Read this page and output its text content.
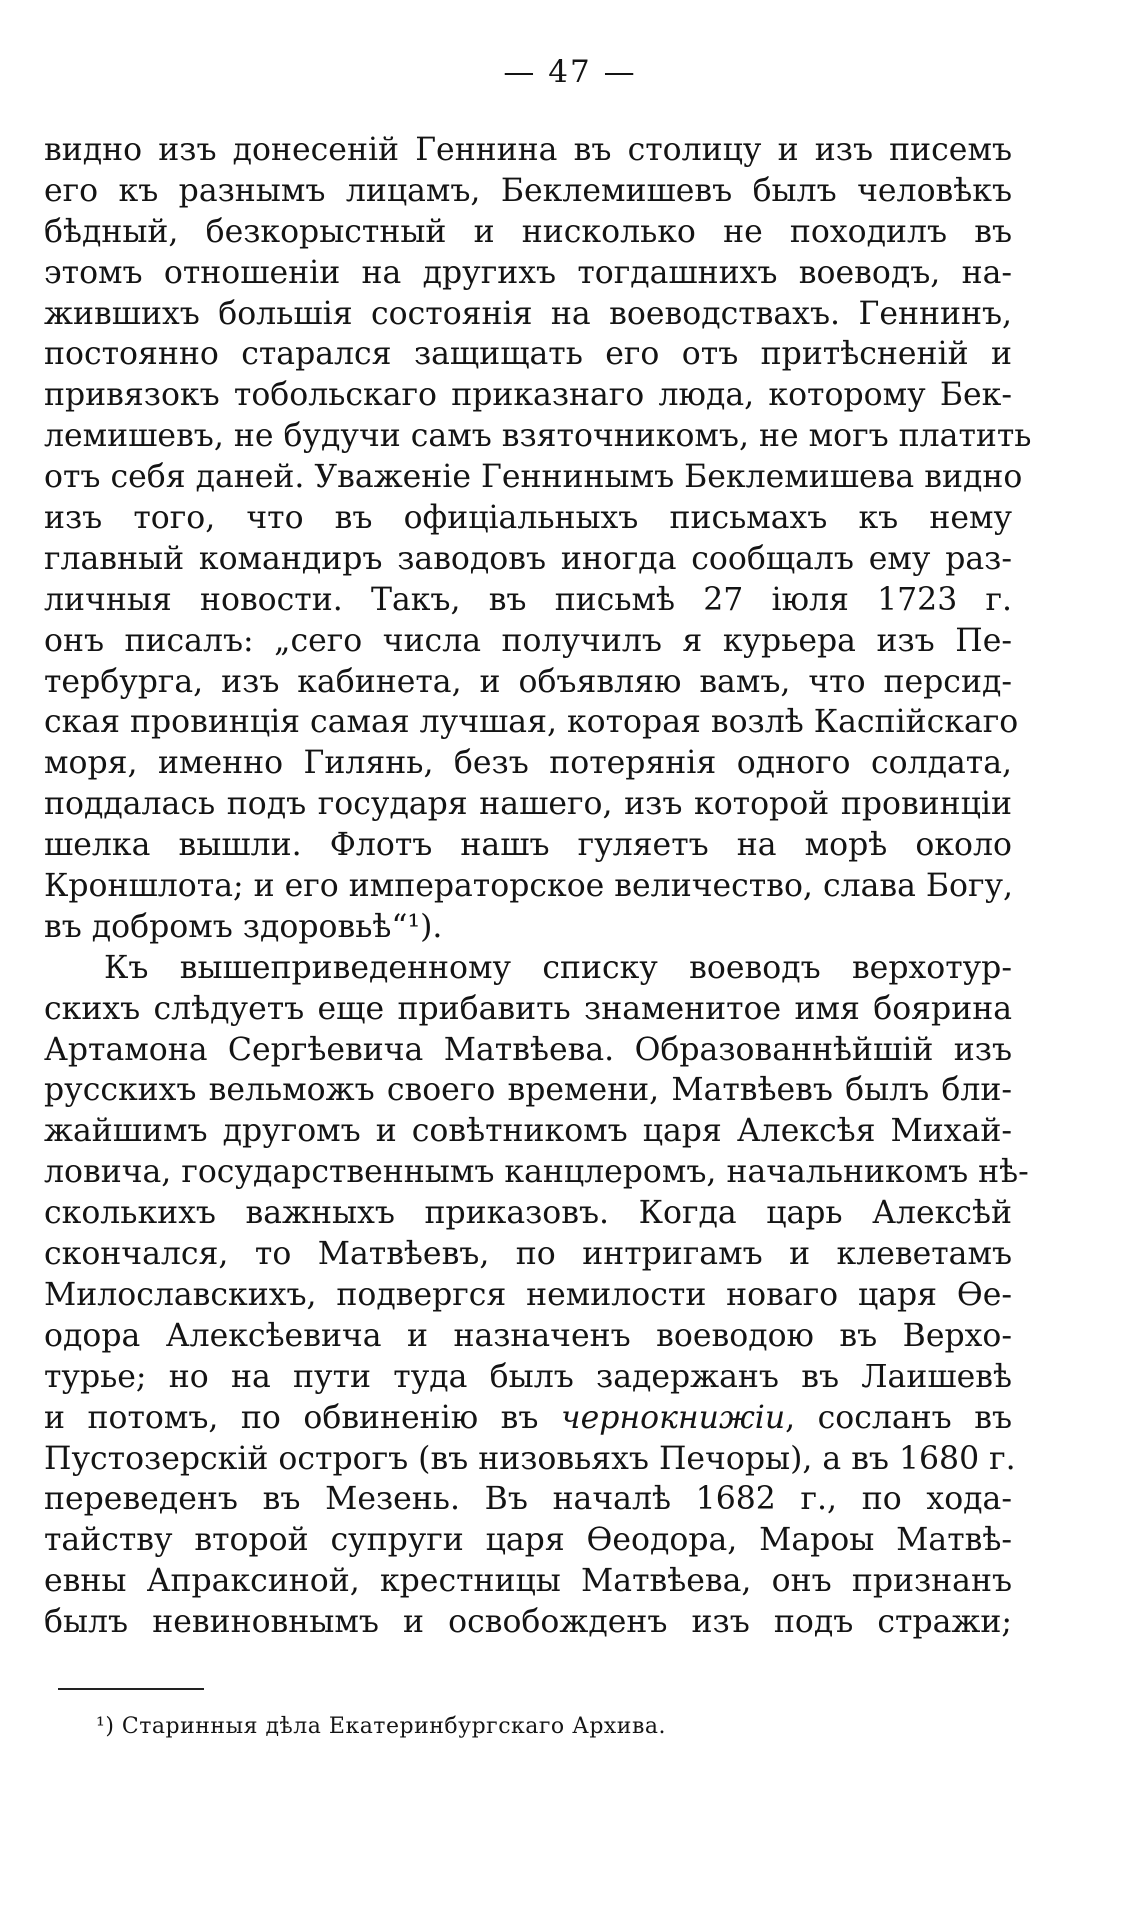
— 47 —
видно изъ донесеній Геннина въ столицу и изъ писемъ
его къ разнымъ лицамъ, Беклемишевъ былъ человѣкъ
бѣдный, безкорыстный и нисколько не походилъ въ
этомъ отношеніи на другихъ тогдашнихъ воеводъ, на-
жившихъ большія состоянія на воеводствахъ. Геннинъ,
постоянно старался защищать его отъ притѣсненій и
привязокъ тобольскаго приказнаго люда, которому Бек-
лемишевъ, не будучи самъ взяточникомъ, не могъ платить
отъ себя даней. Уваженіе Геннинымъ Беклемишева видно
изъ того, что въ офиціальныхъ письмахъ къ нему
главный командиръ заводовъ иногда сообщалъ ему раз-
личныя новости. Такъ, въ письмѣ 27 іюля 1723 г.
онъ писалъ: „сего числа получилъ я курьера изъ Пе-
тербурга, изъ кабинета, и объявляю вамъ, что персид-
ская провинція самая лучшая, которая возлѣ Каспійскаго
моря, именно Гилянь, безъ потерянія одного солдата,
поддалась подъ государя нашего, изъ которой провинціи
шелка вышли. Флотъ нашъ гуляетъ на морѣ около
Кроншлота; и его императорское величество, слава Богу,
въ добромъ здоровьѣ“¹).
Къ вышеприведенному списку воеводъ верхотур-
скихъ слѣдуетъ еще прибавить знаменитое имя боярина
Артамона Сергѣевича Матвѣева. Образованнѣйшій изъ
русскихъ вельможъ своего времени, Матвѣевъ былъ бли-
жайшимъ другомъ и совѣтникомъ царя Алексѣя Михай-
ловича, государственнымъ канцлеромъ, начальникомъ нѣ-
сколькихъ важныхъ приказовъ. Когда царь Алексѣй
скончался, то Матвѣевъ, по интригамъ и клеветамъ
Милославскихъ, подвергся немилости новаго царя Ѳе-
одора Алексѣевича и назначенъ воеводою въ Верхо-
турье; но на пути туда былъ задержанъ въ Лаишевѣ
и потомъ, по обвиненію въ чернокнижіи, сосланъ въ
Пустозерскій острогъ (въ низовьяхъ Печоры), а въ 1680 г.
переведенъ въ Мезень. Въ началѣ 1682 г., по хода-
тайству второй супруги царя Ѳеодора, Мароы Матвѣ-
евны Апраксиной, крестницы Матвѣева, онъ признанъ
былъ невиновнымъ и освобожденъ изъ подъ стражи;
¹) Старинныя дѣла Екатеринбургскаго Архива.
